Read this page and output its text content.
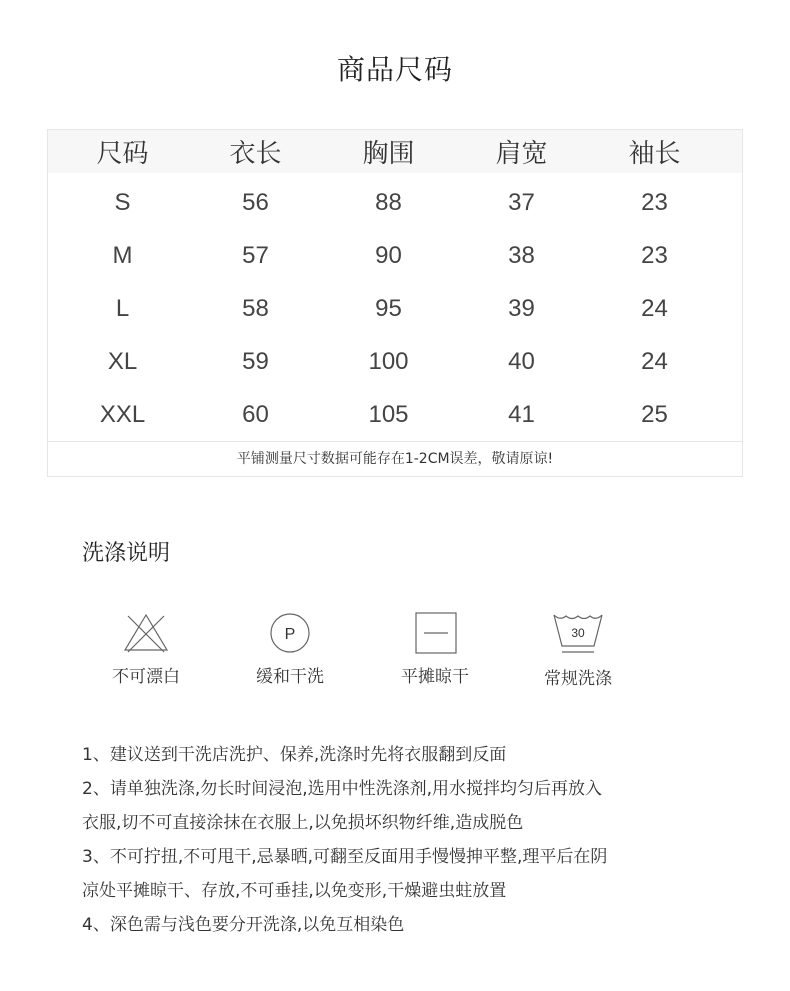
商品尺码
尺码	衣长	胸围	肩宽	袖长
S	56	88	37	23
M	57	90	38	23
L	58	95	39	24
XL	59	100	40	24
XXL	60	105	41	25
平铺测量尺寸数据可能存在1-2CM误差，敬请原谅!
洗涤说明
不可漂白
P
缓和干洗	平摊晾干
30
常规洗涤

1、建议送到干洗店洗护、保养,洗涤时先将衣服翻到反面

2、请单独洗涤,勿长时间浸泡,选用中性洗涤剂,用水搅拌均匀后再放入

衣服,切不可直接涂抹在衣服上,以免损坏织物纤维,造成脱色

3、不可拧扭,不可甩干,忌暴晒,可翻至反面用手慢慢抻平整,理平后在阴

凉处平摊晾干、存放,不可垂挂,以免变形,干燥避虫蛀放置

4、深色需与浅色要分开洗涤,以免互相染色
